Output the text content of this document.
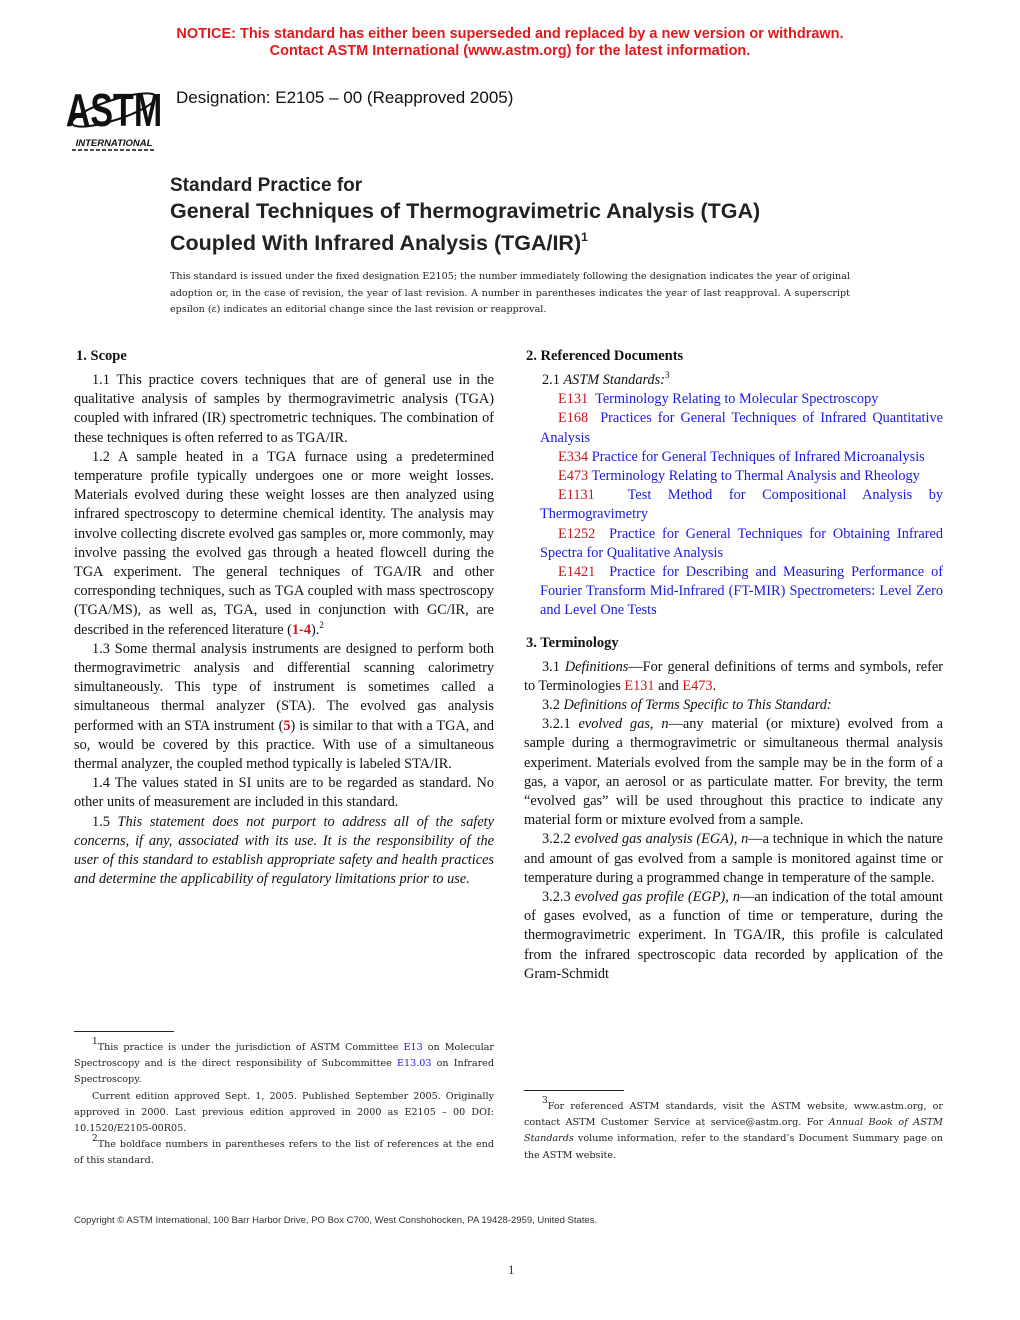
NOTICE: This standard has either been superseded and replaced by a new version or withdrawn.
Contact ASTM International (www.astm.org) for the latest information.
ASTM
INTERNATIONAL
Designation: E2105 – 00 (Reapproved 2005)
Standard Practice for
General Techniques of Thermogravimetric Analysis (TGA)
Coupled With Infrared Analysis $(TGA/IR)^1$
This standard is issued under the fixed designation E2105; the number immediately following the designation indicates the year of original adoption or, in the case of revision, the year of last revision. A number in parentheses indicates the year of last reapproval. A superscript epsilon (ε) indicates an editorial change since the last revision or reapproval.
1. Scope

1.1 This practice covers techniques that are of general use in the qualitative analysis of samples by thermogravimetric analysis (TGA) coupled with infrared (IR) spectrometric techniques. The combination of these techniques is often referred to as TGA/IR.

1.2 A sample heated in a TGA furnace using a predetermined temperature profile typically undergoes one or more weight losses. Materials evolved during these weight losses are then analyzed using infrared spectroscopy to determine chemical identity. The analysis may involve collecting discrete evolved gas samples or, more commonly, may involve passing the evolved gas through a heated flowcell during the TGA experiment. The general techniques of TGA/IR and other corresponding techniques, such as TGA coupled with mass spectroscopy (TGA/MS), as well as, TGA, used in conjunction with GC/IR, are described in the referenced literature (1-4).$^2$

1.3 Some thermal analysis instruments are designed to perform both thermogravimetric analysis and differential scanning calorimetry simultaneously. This type of instrument is sometimes called a simultaneous thermal analyzer (STA). The evolved gas analysis performed with an STA instrument (5) is similar to that with a TGA, and so, would be covered by this practice. With use of a simultaneous thermal analyzer, the coupled method typically is labeled STA/IR.

1.4 The values stated in SI units are to be regarded as standard. No other units of measurement are included in this standard.

1.5 This statement does not purport to address all of the safety concerns, if any, associated with its use. It is the responsibility of the user of this standard to establish appropriate safety and health practices and determine the applicability of regulatory limitations prior to use.

2. Referenced Documents

2.1 ASTM Standards:$^3$

E131 Terminology Relating to Molecular Spectroscopy

E168 Practices for General Techniques of Infrared Quantitative Analysis

E334 Practice for General Techniques of Infrared Microanalysis

E473 Terminology Relating to Thermal Analysis and Rheology

E1131 Test Method for Compositional Analysis by Thermogravimetry

E1252 Practice for General Techniques for Obtaining Infrared Spectra for Qualitative Analysis

E1421 Practice for Describing and Measuring Performance of Fourier Transform Mid-Infrared (FT-MIR) Spectrometers: Level Zero and Level One Tests

3. Terminology

3.1 Definitions—For general definitions of terms and symbols, refer to Terminologies E131 and E473.

3.2 Definitions of Terms Specific to This Standard:

3.2.1 evolved gas, n—any material (or mixture) evolved from a sample during a thermogravimetric or simultaneous thermal analysis experiment. Materials evolved from the sample may be in the form of a gas, a vapor, an aerosol or as particulate matter. For brevity, the term “evolved gas” will be used throughout this practice to indicate any material form or mixture evolved from a sample.

3.2.2 evolved gas analysis (EGA), n—a technique in which the nature and amount of gas evolved from a sample is monitored against time or temperature during a programmed change in temperature of the sample.

3.2.3 evolved gas profile (EGP), n—an indication of the total amount of gases evolved, as a function of time or temperature, during the thermogravimetric experiment. In TGA/IR, this profile is calculated from the infrared spectroscopic data recorded by application of the Gram-Schmidt

$^1$This practice is under the jurisdiction of ASTM Committee E13 on Molecular Spectroscopy and is the direct responsibility of Subcommittee E13.03 on Infrared Spectroscopy.

Current edition approved Sept. 1, 2005. Published September 2005. Originally approved in 2000. Last previous edition approved in 2000 as E2105 – 00 DOI: 10.1520/E2105-00R05.

$^2$The boldface numbers in parentheses refers to the list of references at the end of this standard.

$^3$For referenced ASTM standards, visit the ASTM website, www.astm.org, or contact ASTM Customer Service at service@astm.org. For Annual Book of ASTM Standards volume information, refer to the standard’s Document Summary page on the ASTM website.

Copyright © ASTM International, 100 Barr Harbor Drive, PO Box C700, West Conshohocken, PA 19428-2959, United States.
1
